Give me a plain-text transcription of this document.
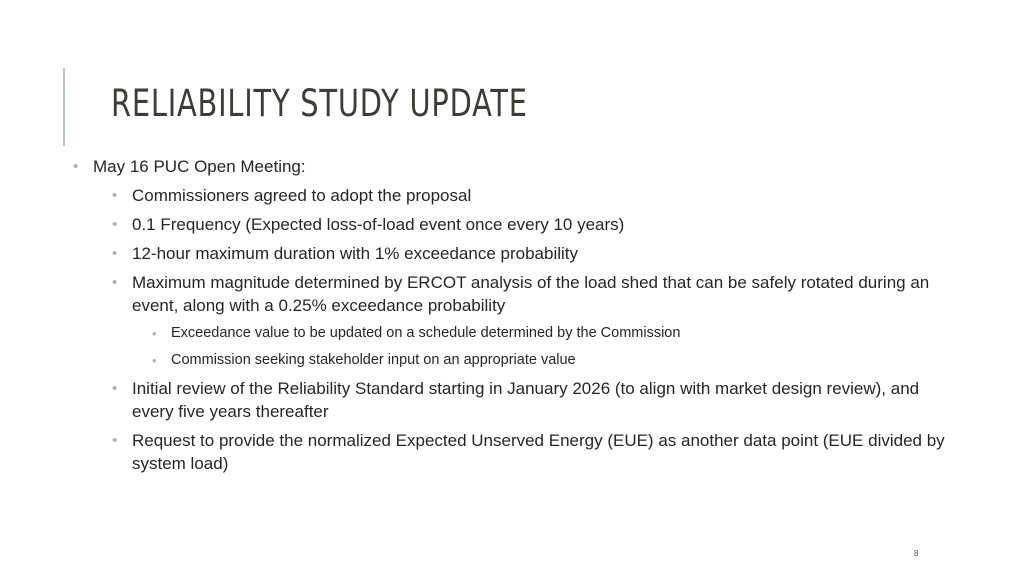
RELIABILITY STUDY UPDATE
• May 16 PUC Open Meeting:
• Commissioners agreed to adopt the proposal
• 0.1 Frequency (Expected loss-of-load event once every 10 years)
• 12-hour maximum duration with 1% exceedance probability
• Maximum magnitude determined by ERCOT analysis of the load shed that can be safely rotated during an event, along with a 0.25% exceedance probability
• Exceedance value to be updated on a schedule determined by the Commission
• Commission seeking stakeholder input on an appropriate value
• Initial review of the Reliability Standard starting in January 2026 (to align with market design review), and every five years thereafter
• Request to provide the normalized Expected Unserved Energy (EUE) as another data point (EUE divided by system load)
8
